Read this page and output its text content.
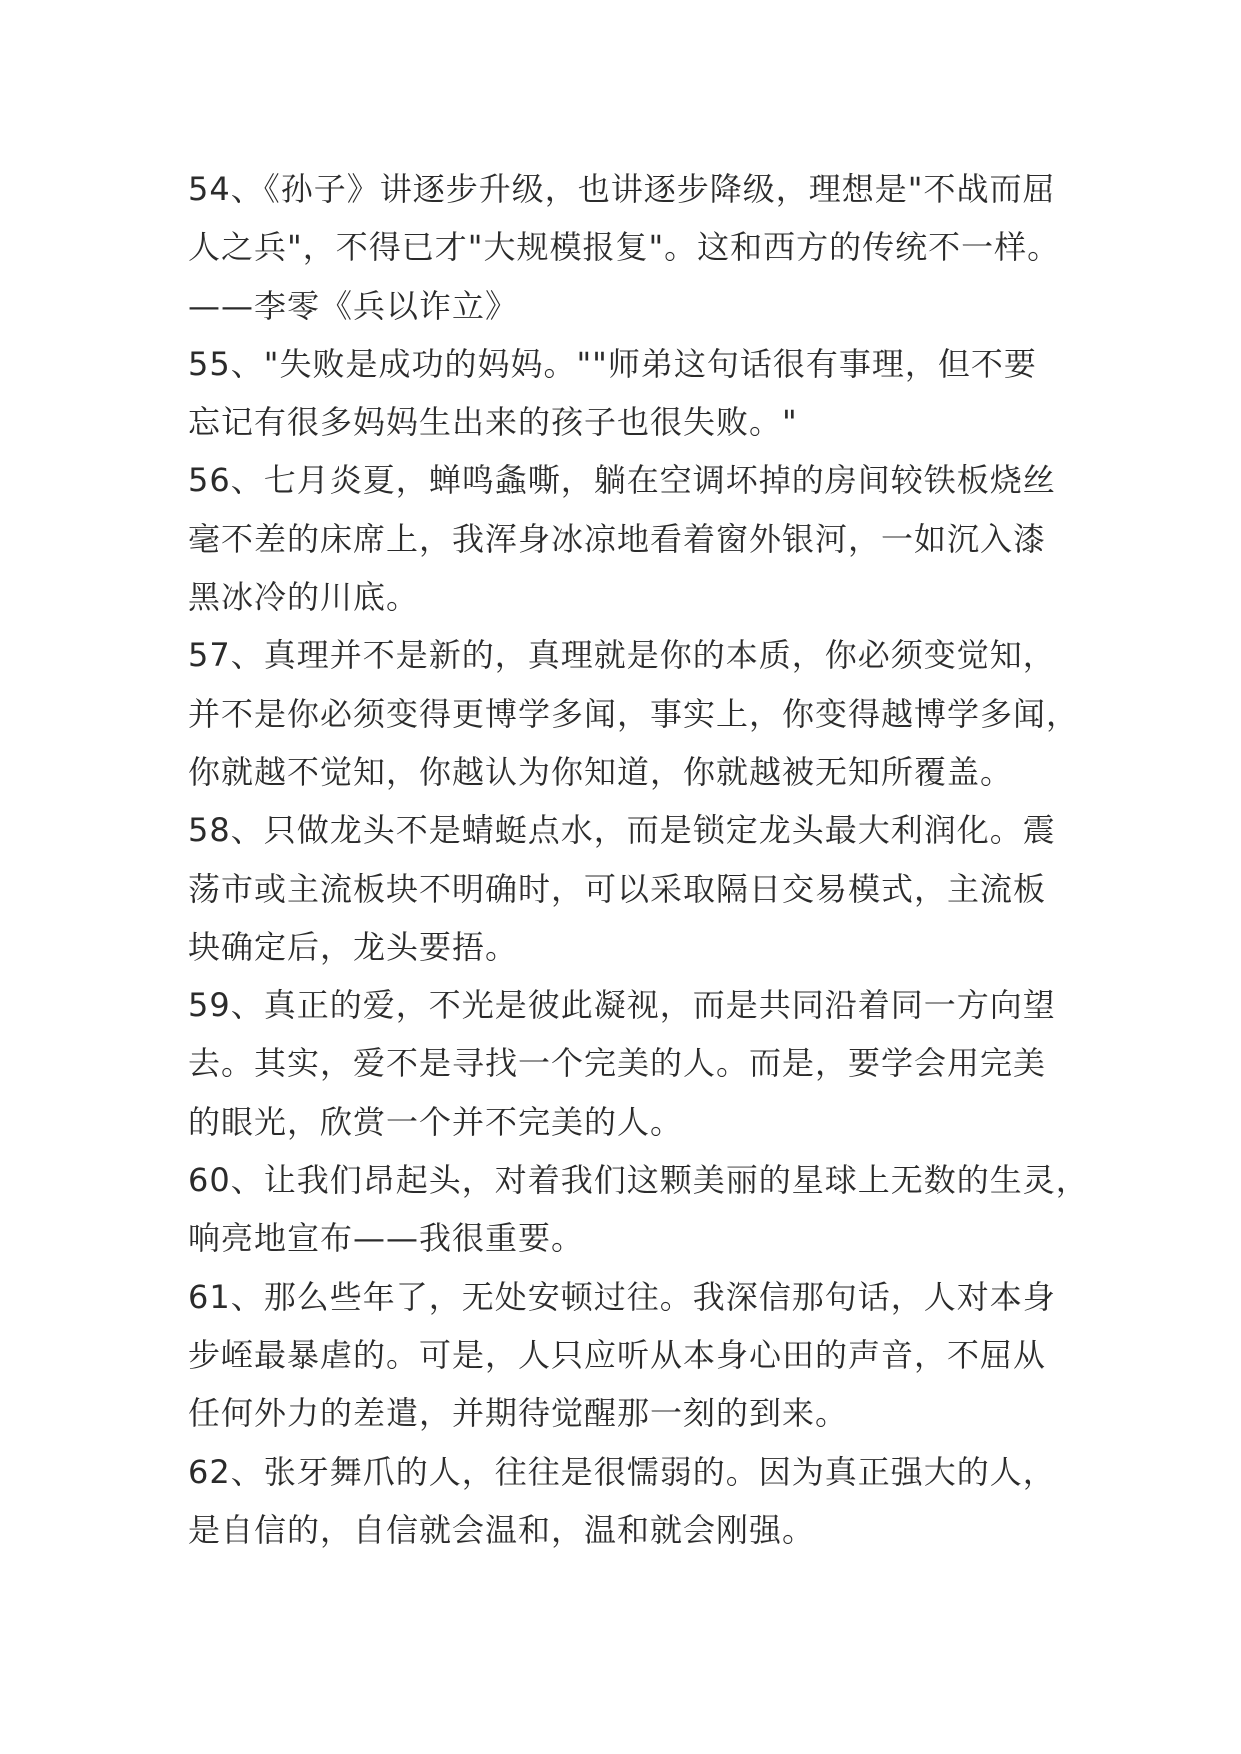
54、《孙子》讲逐步升级，也讲逐步降级，理想是"不战而屈
人之兵"，不得已才"大规模报复"。这和西方的传统不一样。
——李零《兵以诈立》
55、"失败是成功的妈妈。""师弟这句话很有事理，但不要
忘记有很多妈妈生出来的孩子也很失败。"
56、七月炎夏，蝉鸣螽嘶，躺在空调坏掉的房间较铁板烧丝
毫不差的床席上，我浑身冰凉地看着窗外银河，一如沉入漆
黑冰冷的川底。
57、真理并不是新的，真理就是你的本质，你必须变觉知，
并不是你必须变得更博学多闻，事实上，你变得越博学多闻，
你就越不觉知，你越认为你知道，你就越被无知所覆盖。
58、只做龙头不是蜻蜓点水，而是锁定龙头最大利润化。震
荡市或主流板块不明确时，可以采取隔日交易模式，主流板
块确定后，龙头要捂。
59、真正的爱，不光是彼此凝视，而是共同沿着同一方向望
去。其实，爱不是寻找一个完美的人。而是，要学会用完美
的眼光，欣赏一个并不完美的人。
60、让我们昂起头，对着我们这颗美丽的星球上无数的生灵，
响亮地宣布——我很重要。
61、那么些年了，无处安顿过往。我深信那句话，人对本身
步峌最暴虐的。可是，人只应听从本身心田的声音，不屈从
任何外力的差遣，并期待觉醒那一刻的到来。
62、张牙舞爪的人，往往是很懦弱的。因为真正强大的人，
是自信的，自信就会温和，温和就会刚强。
